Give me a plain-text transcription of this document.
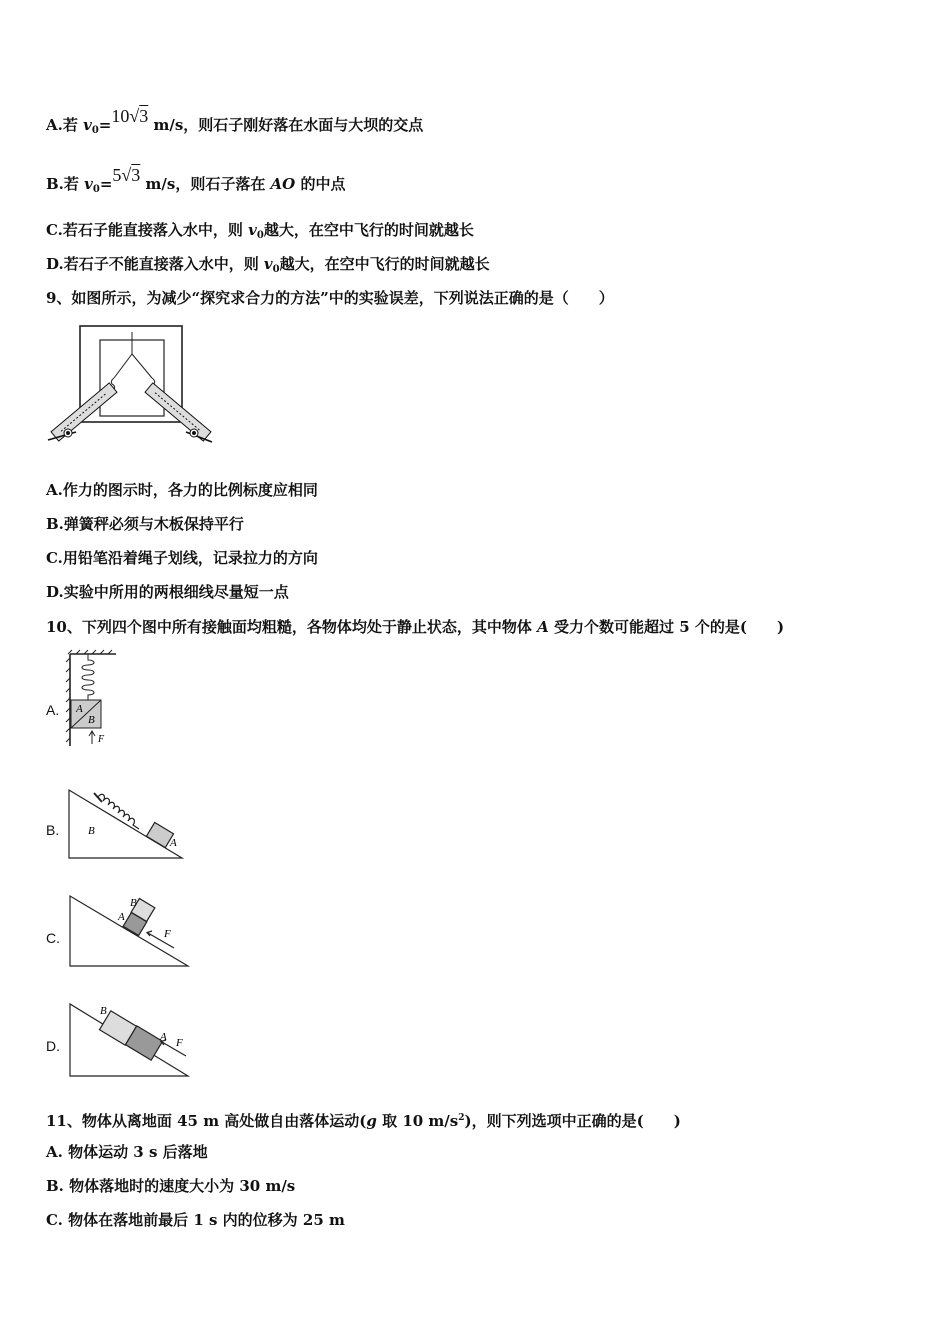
A.若 $v_0=10√3$ m/s，则石子刚好落在水面与大坝的交点
B.若 $v_0=5√3$ m/s，则石子落在 AO 的中点
C.若石子能直接落入水中，则 $v_0$越大，在空中飞行的时间就越长
D.若石子不能直接落入水中，则 $v_0$越大，在空中飞行的时间就越长
9、如图所示，为减少“探究求合力的方法”中的实验误差，下列说法正确的是（　　）
A.作力的图示时，各力的比例标度应相同
B.弹簧秤必须与木板保持平行
C.用铅笔沿着绳子划线，记录拉力的方向
D.实验中所用的两根细线尽量短一点
10、下列四个图中所有接触面均粗糙，各物体均处于静止状态，其中物体 A 受力个数可能超过 5 个的是(　　)
A. A
B
F
B.	B
A
C.
A
B
F
D.
B
A F
11、物体从离地面 45 m 高处做自由落体运动(g 取 10 $m/s^2$)，则下列选项中正确的是(　　)
A. 物体运动 3 s 后落地
B. 物体落地时的速度大小为 30 m/s
C. 物体在落地前最后 1 s 内的位移为 25 m
